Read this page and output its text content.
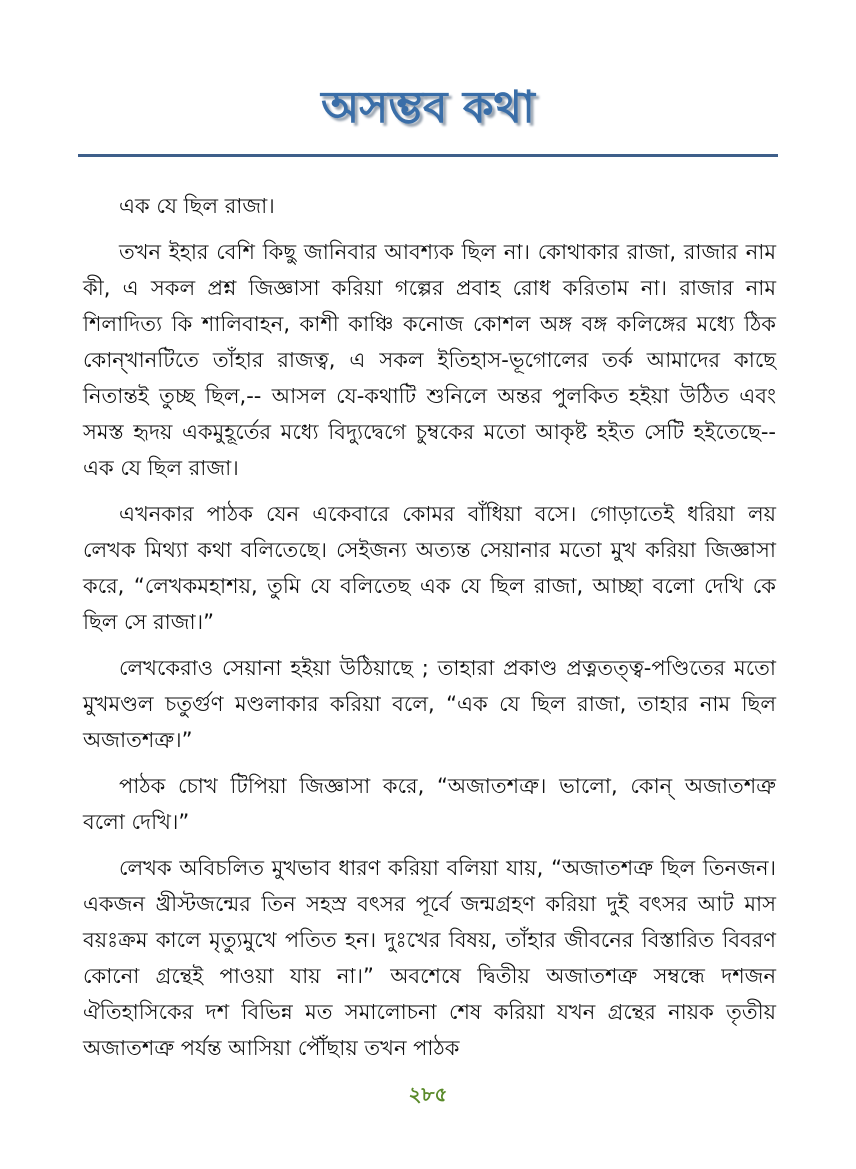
অসম্ভব কথা

এক যে ছিল রাজা।

তখন ইহার বেশি কিছু জানিবার আবশ্যক ছিল না। কোথাকার রাজা, রাজার নাম কী, এ সকল প্রশ্ন জিজ্ঞাসা করিয়া গল্পের প্রবাহ রোধ করিতাম না। রাজার নাম শিলাদিত্য কি শালিবাহন, কাশী কাঞ্চি কনোজ কোশল অঙ্গ বঙ্গ কলিঙ্গের মধ্যে ঠিক কোন্‌খানটিতে তাঁহার রাজত্ব, এ সকল ইতিহাস-ভূগোলের তর্ক আমাদের কাছে নিতান্তই তুচ্ছ ছিল,-- আসল যে-কথাটি শুনিলে অন্তর পুলকিত হইয়া উঠিত এবং সমস্ত হৃদয় একমুহূর্তের মধ্যে বিদ্যুদ্বেগে চুম্বকের মতো আকৃষ্ট হইত সেটি হইতেছে-- এক যে ছিল রাজা।

এখনকার পাঠক যেন একেবারে কোমর বাঁধিয়া বসে। গোড়াতেই ধরিয়া লয় লেখক মিথ্যা কথা বলিতেছে। সেইজন্য অত্যন্ত সেয়ানার মতো মুখ করিয়া জিজ্ঞাসা করে, “লেখকমহাশয়, তুমি যে বলিতেছ এক যে ছিল রাজা, আচ্ছা বলো দেখি কে ছিল সে রাজা।”

লেখকেরাও সেয়ানা হইয়া উঠিয়াছে ; তাহারা প্রকাণ্ড প্রত্নতত্ত্ব-পণ্ডিতের মতো মুখমণ্ডল চতুর্গুণ মণ্ডলাকার করিয়া বলে, “এক যে ছিল রাজা, তাহার নাম ছিল অজাতশত্রু।”

পাঠক চোখ টিপিয়া জিজ্ঞাসা করে, “অজাতশত্রু। ভালো, কোন্‌ অজাতশত্রু বলো দেখি।”

লেখক অবিচলিত মুখভাব ধারণ করিয়া বলিয়া যায়, “অজাতশত্রু ছিল তিনজন। একজন খ্রীস্টজন্মের তিন সহস্র বৎসর পূর্বে জন্মগ্রহণ করিয়া দুই বৎসর আট মাস বয়ঃক্রম কালে মৃত্যুমুখে পতিত হন। দুঃখের বিষয়, তাঁহার জীবনের বিস্তারিত বিবরণ কোনো গ্রন্থেই পাওয়া যায় না।” অবশেষে দ্বিতীয় অজাতশত্রু সম্বন্ধে দশজন ঐতিহাসিকের দশ বিভিন্ন মত সমালোচনা শেষ করিয়া যখন গ্রন্থের নায়ক তৃতীয় অজাতশত্রু পর্যন্ত আসিয়া পৌঁছায় তখন পাঠক

২৮৫
